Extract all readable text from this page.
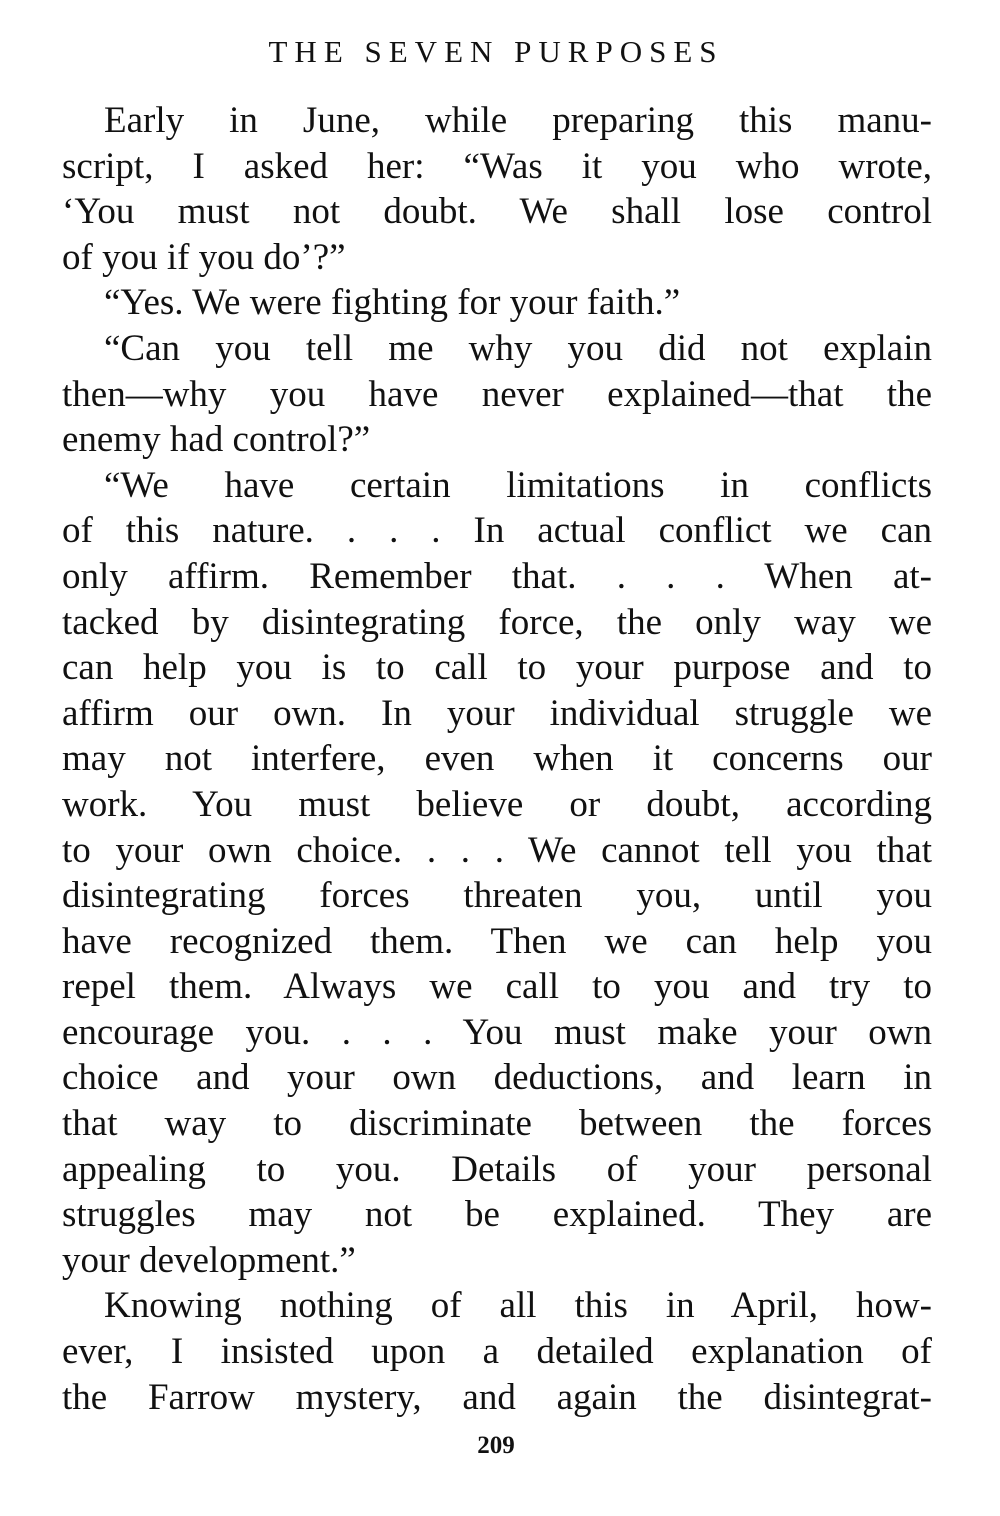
THE SEVEN PURPOSES
Early in June, while preparing this manu-
script, I asked her: “Was it you who wrote,
‘You must not doubt. We shall lose control
of you if you do’?”
“Yes. We were fighting for your faith.”
“Can you tell me why you did not explain
then—why you have never explained—that the
enemy had control?”
“We have certain limitations in conflicts
of this nature. . . . In actual conflict we can
only affirm. Remember that. . . . When at-
tacked by disintegrating force, the only way we
can help you is to call to your purpose and to
affirm our own. In your individual struggle we
may not interfere, even when it concerns our
work. You must believe or doubt, according
to your own choice. . . . We cannot tell you that
disintegrating forces threaten you, until you
have recognized them. Then we can help you
repel them. Always we call to you and try to
encourage you. . . . You must make your own
choice and your own deductions, and learn in
that way to discriminate between the forces
appealing to you. Details of your personal
struggles may not be explained. They are
your development.”
Knowing nothing of all this in April, how-
ever, I insisted upon a detailed explanation of
the Farrow mystery, and again the disintegrat-
209
